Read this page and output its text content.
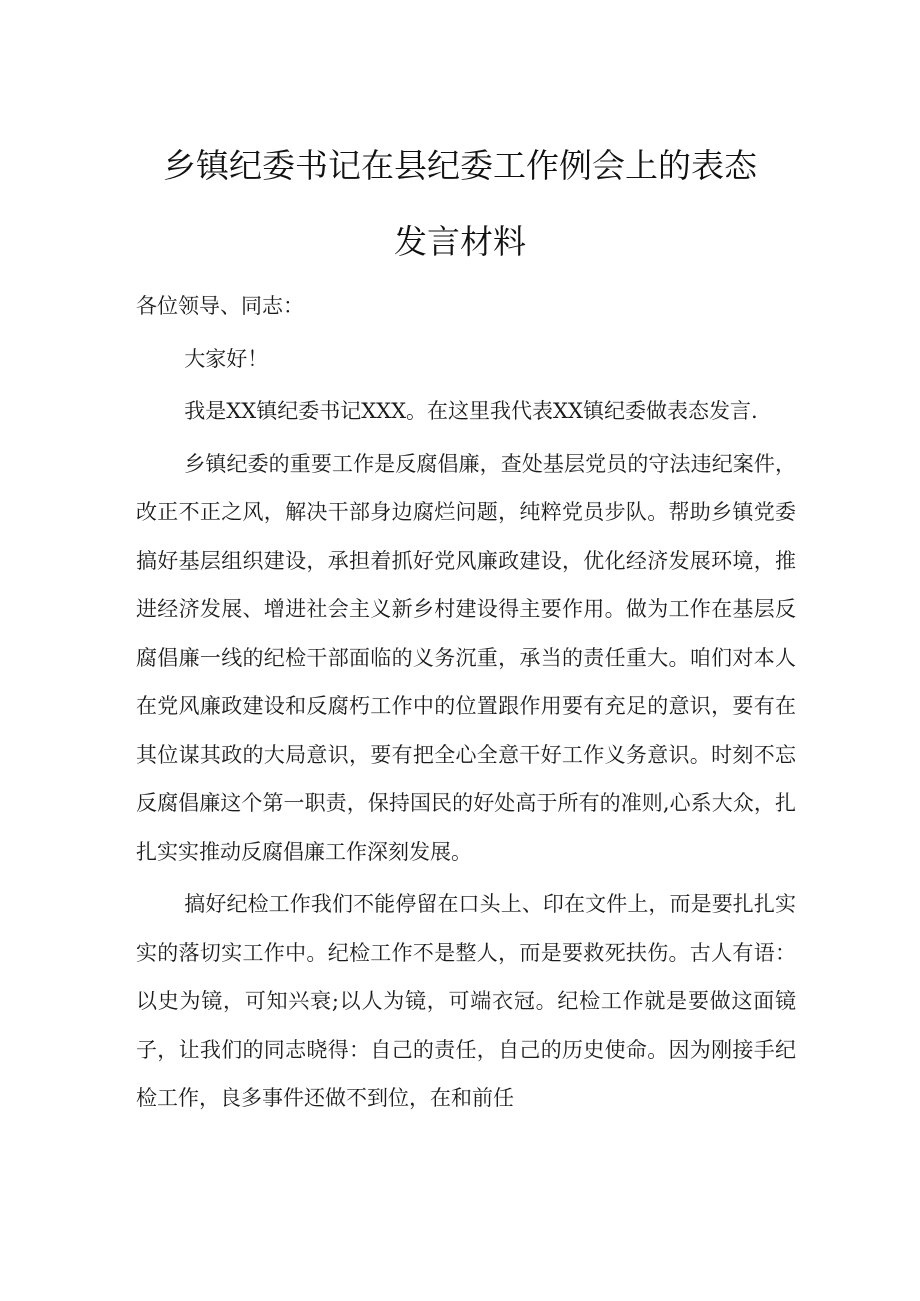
乡镇纪委书记在县纪委工作例会上的表态
发言材料

各位领导、同志：

大家好！

我是XX镇纪委书记XXX。在这里我代表XX镇纪委做表态发言.

乡镇纪委的重要工作是反腐倡廉，查处基层党员的守法违纪案件，改正不正之风，解决干部身边腐烂问题，纯粹党员步队。帮助乡镇党委搞好基层组织建设，承担着抓好党风廉政建设，优化经济发展环境，推进经济发展、增进社会主义新乡村建设得主要作用。做为工作在基层反腐倡廉一线的纪检干部面临的义务沉重，承当的责任重大。咱们对本人在党风廉政建设和反腐朽工作中的位置跟作用要有充足的意识，要有在其位谋其政的大局意识，要有把全心全意干好工作义务意识。时刻不忘反腐倡廉这个第一职责，保持国民的好处高于所有的准则,心系大众，扎扎实实推动反腐倡廉工作深刻发展。

搞好纪检工作我们不能停留在口头上、印在文件上，而是要扎扎实实的落切实工作中。纪检工作不是整人，而是要救死扶伤。古人有语：以史为镜，可知兴衰;以人为镜，可端衣冠。纪检工作就是要做这面镜子，让我们的同志晓得：自己的责任，自己的历史使命。因为刚接手纪检工作，良多事件还做不到位，在和前任
